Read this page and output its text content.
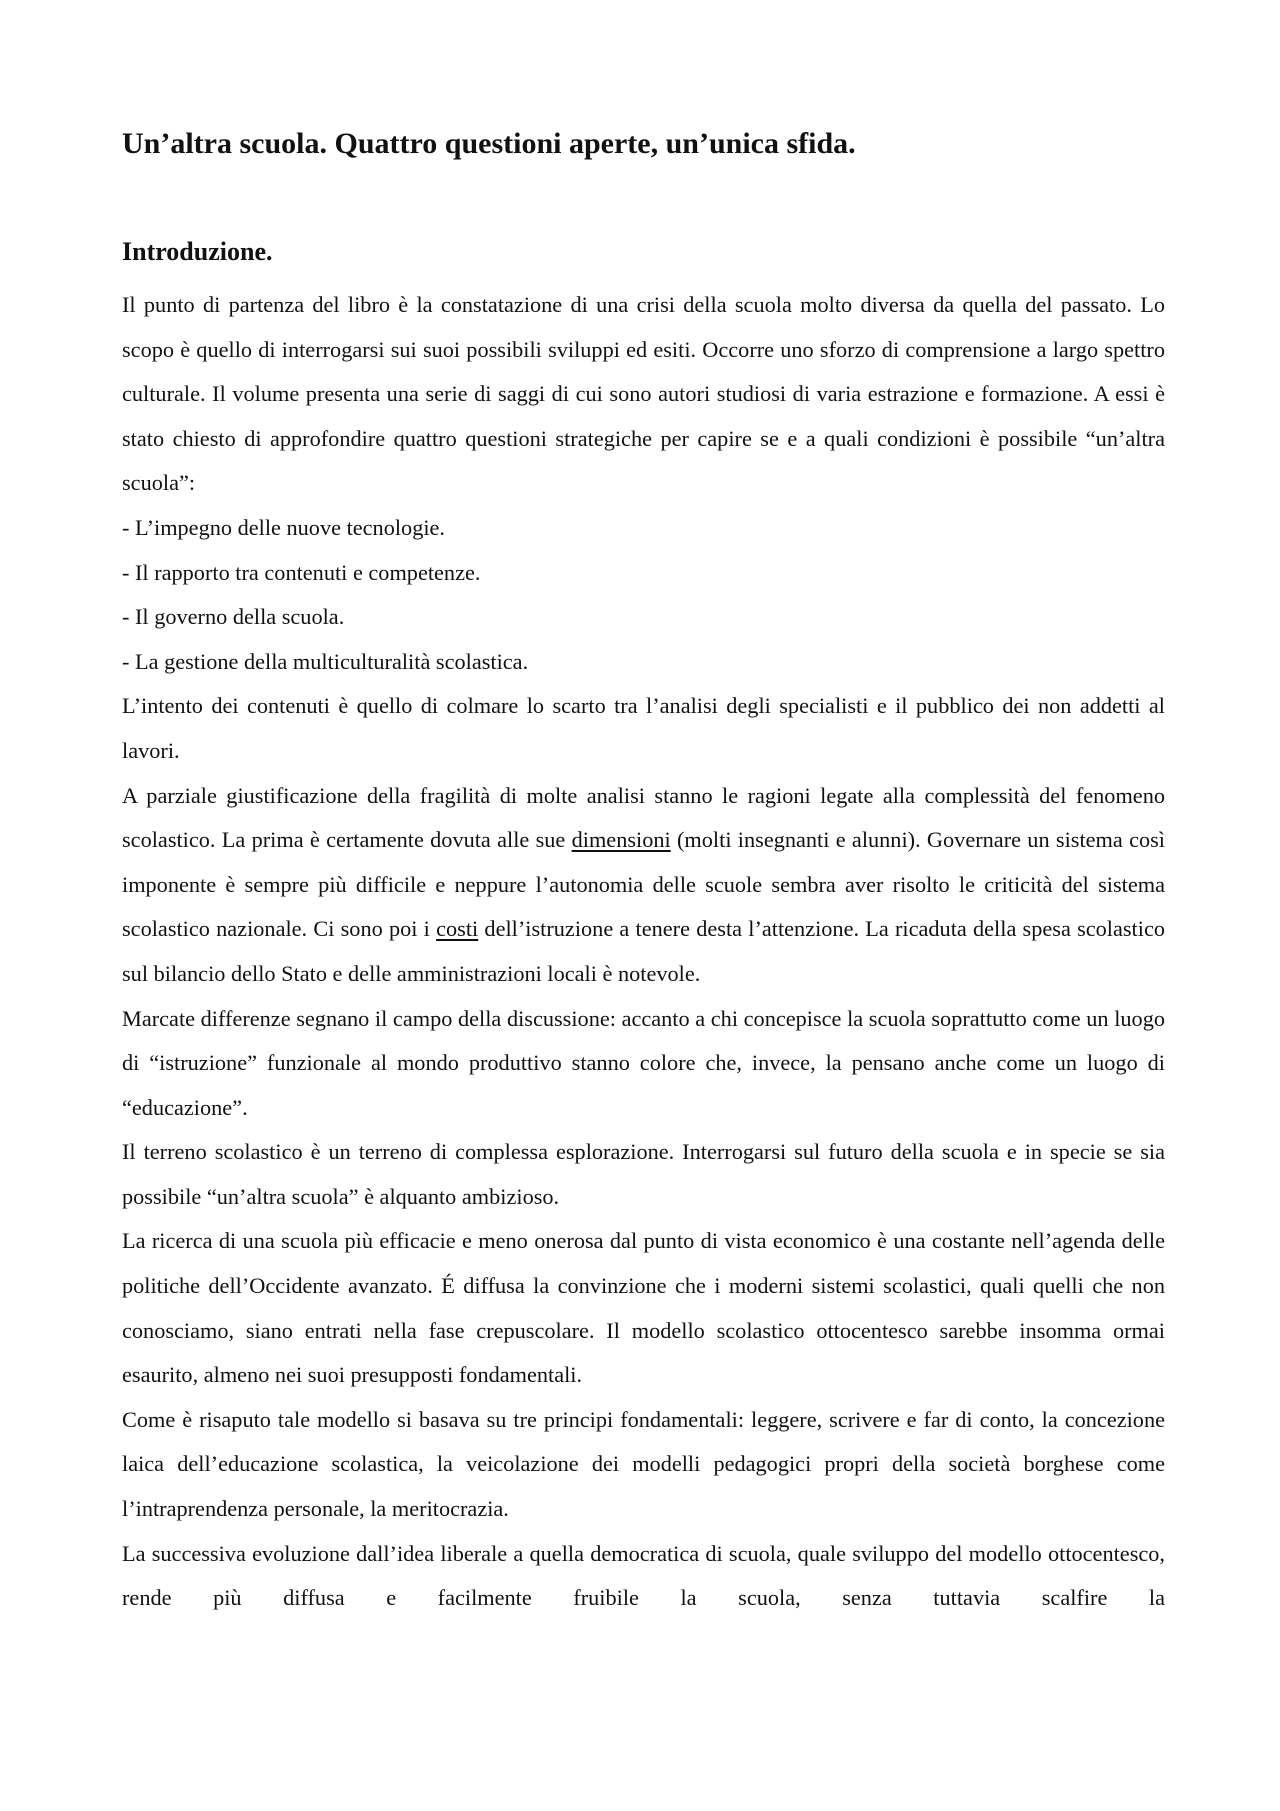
Un’altra scuola. Quattro questioni aperte, un’unica sfida.
Introduzione.

Il punto di partenza del libro è la constatazione di una crisi della scuola molto diversa da quella del passato. Lo scopo è quello di interrogarsi sui suoi possibili sviluppi ed esiti. Occorre uno sforzo di comprensione a largo spettro culturale. Il volume presenta una serie di saggi di cui sono autori studiosi di varia estrazione e formazione. A essi è stato chiesto di approfondire quattro questioni strategiche per capire se e a quali condizioni è possibile “un’altra scuola”:

- L’impegno delle nuove tecnologie.

- Il rapporto tra contenuti e competenze.

- Il governo della scuola.

- La gestione della multiculturalità scolastica.

L’intento dei contenuti è quello di colmare lo scarto tra l’analisi degli specialisti e il pubblico dei non addetti al lavori.

A parziale giustificazione della fragilità di molte analisi stanno le ragioni legate alla complessità del fenomeno scolastico. La prima è certamente dovuta alle sue dimensioni (molti insegnanti e alunni). Governare un sistema così imponente è sempre più difficile e neppure l’autonomia delle scuole sembra aver risolto le criticità del sistema scolastico nazionale. Ci sono poi i costi dell’istruzione a tenere desta l’attenzione. La ricaduta della spesa scolastico sul bilancio dello Stato e delle amministrazioni locali è notevole.

Marcate differenze segnano il campo della discussione: accanto a chi concepisce la scuola soprattutto come un luogo di “istruzione” funzionale al mondo produttivo stanno colore che, invece, la pensano anche come un luogo di “educazione”.

Il terreno scolastico è un terreno di complessa esplorazione. Interrogarsi sul futuro della scuola e in specie se sia possibile “un’altra scuola” è alquanto ambizioso.

La ricerca di una scuola più efficacie e meno onerosa dal punto di vista economico è una costante nell’agenda delle politiche dell’Occidente avanzato. É diffusa la convinzione che i moderni sistemi scolastici, quali quelli che non conosciamo, siano entrati nella fase crepuscolare. Il modello scolastico ottocentesco sarebbe insomma ormai esaurito, almeno nei suoi presupposti fondamentali.

Come è risaputo tale modello si basava su tre principi fondamentali: leggere, scrivere e far di conto, la concezione laica dell’educazione scolastica, la veicolazione dei modelli pedagogici propri della società borghese come l’intraprendenza personale, la meritocrazia.

La successiva evoluzione dall’idea liberale a quella democratica di scuola, quale sviluppo del modello ottocentesco, rende più diffusa e facilmente fruibile la scuola, senza tuttavia scalfire la
